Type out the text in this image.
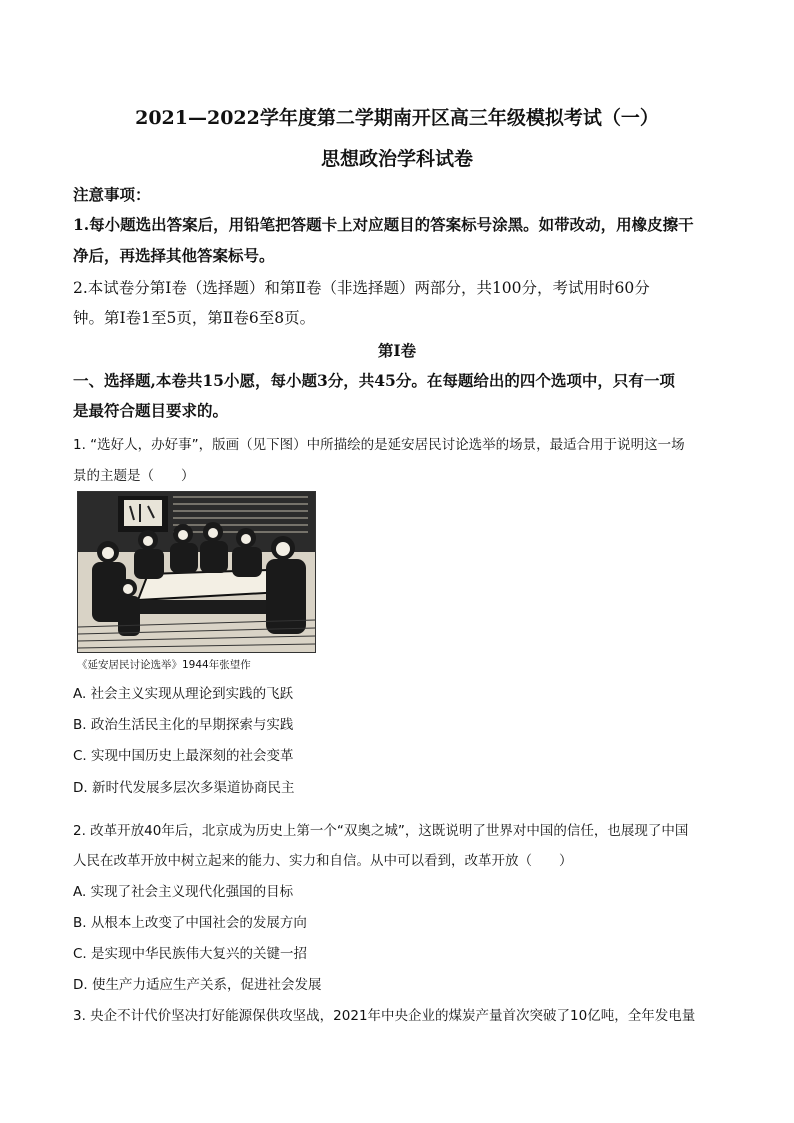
2021—2022学年度第二学期南开区高三年级模拟考试（一）
思想政治学科试卷
注意事项：
1.每小题选出答案后，用铅笔把答题卡上对应题目的答案标号涂黑。如带改动，用橡皮擦干
净后，再选择其他答案标号。
2.本试卷分第Ⅰ卷（选择题）和第Ⅱ卷（非选择题）两部分，共100分，考试用时60分
钟。第Ⅰ卷1至5页，第Ⅱ卷6至8页。
第Ⅰ卷
一、选择题,本卷共15小愿，每小题3分，共45分。在每题给出的四个选项中，只有一项
是最符合题目要求的。
1. “选好人，办好事”，版画（见下图）中所描绘的是延安居民讨论选举的场景，最适合用于说明这一场
景的主题是（　　）
《延安居民讨论选举》1944年张望作
A. 社会主义实现从理论到实践的飞跃
B. 政治生活民主化的早期探索与实践
C. 实现中国历史上最深刻的社会变革
D. 新时代发展多层次多渠道协商民主
2. 改革开放40年后，北京成为历史上第一个“双奥之城”，这既说明了世界对中国的信任，也展现了中国
人民在改革开放中树立起来的能力、实力和自信。从中可以看到，改革开放（　　）
A. 实现了社会主义现代化强国的目标
B. 从根本上改变了中国社会的发展方向
C. 是实现中华民族伟大复兴的关键一招
D. 使生产力适应生产关系，促进社会发展
3. 央企不计代价坚决打好能源保供攻坚战，2021年中央企业的煤炭产量首次突破了10亿吨，全年发电量
